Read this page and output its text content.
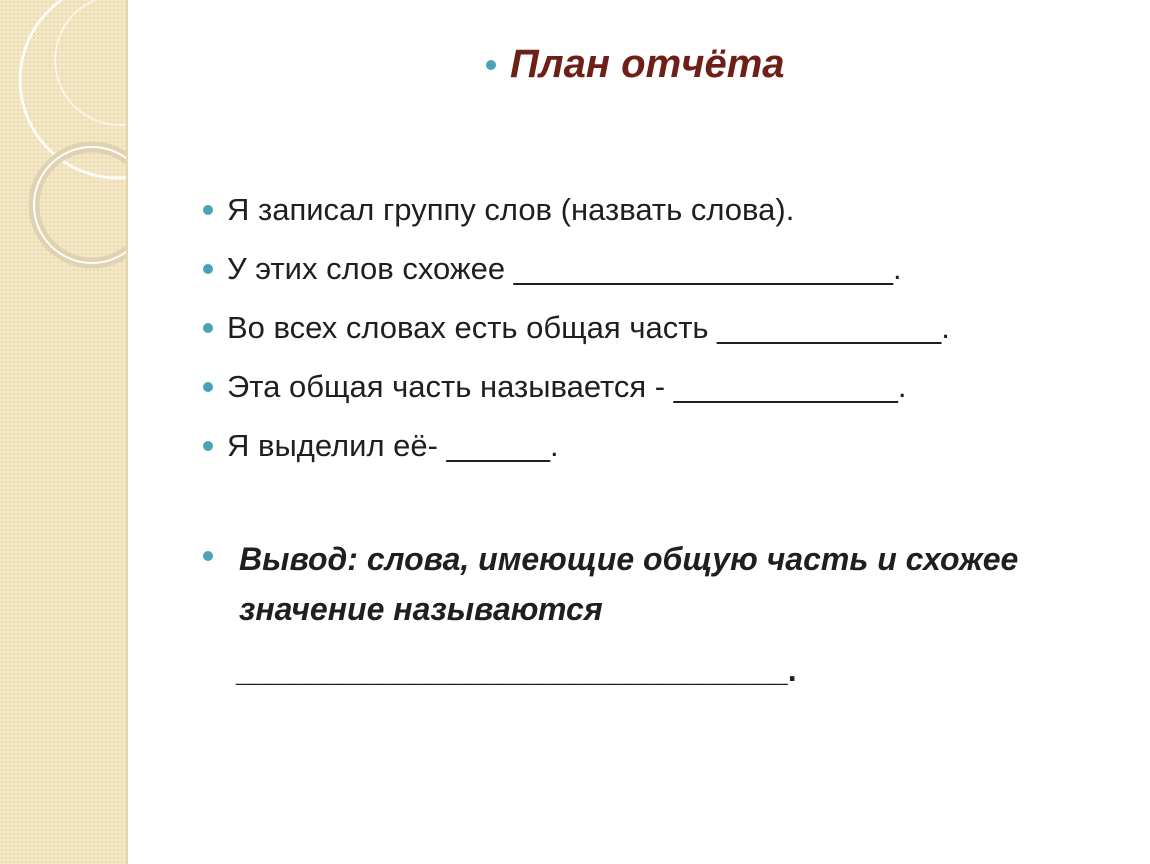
План отчёта
Я записал группу слов (назвать слова).
У этих слов схожее ______________________.
Во всех словах есть общая часть _____________.
Эта общая часть называется - _____________.
Я выделил её- ______.
Вывод: слова, имеющие общую часть и схожее значение называются
_______________________________.
